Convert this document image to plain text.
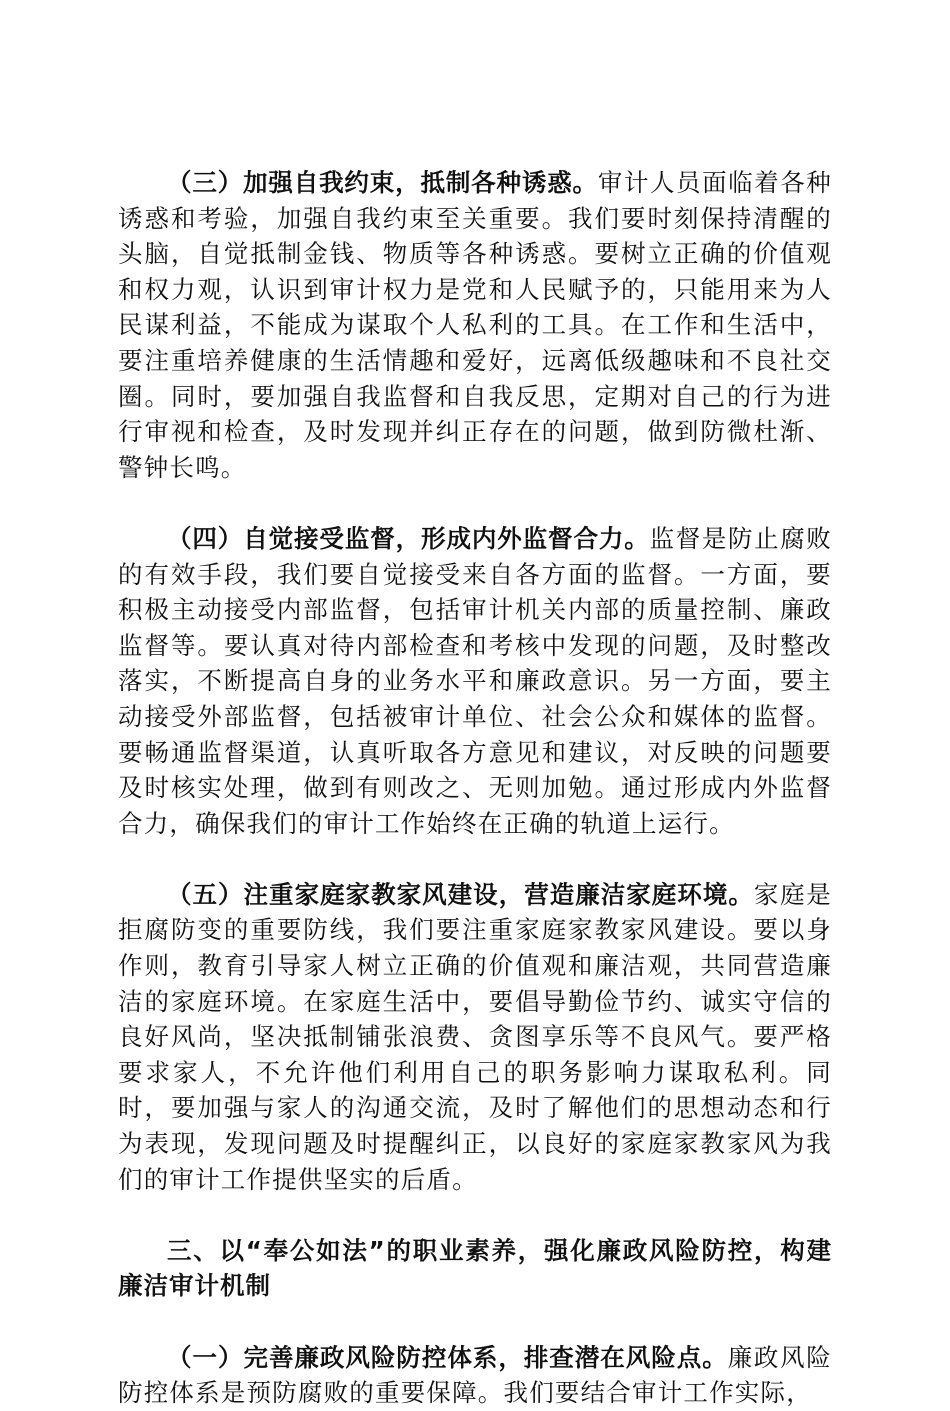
（三）加强自我约束，抵制各种诱惑。审计人员面临着各种诱惑和考验，加强自我约束至关重要。我们要时刻保持清醒的头脑，自觉抵制金钱、物质等各种诱惑。要树立正确的价值观和权力观，认识到审计权力是党和人民赋予的，只能用来为人民谋利益，不能成为谋取个人私利的工具。在工作和生活中，要注重培养健康的生活情趣和爱好，远离低级趣味和不良社交圈。同时，要加强自我监督和自我反思，定期对自己的行为进行审视和检查，及时发现并纠正存在的问题，做到防微杜渐、警钟长鸣。

（四）自觉接受监督，形成内外监督合力。监督是防止腐败的有效手段，我们要自觉接受来自各方面的监督。一方面，要积极主动接受内部监督，包括审计机关内部的质量控制、廉政监督等。要认真对待内部检查和考核中发现的问题，及时整改落实，不断提高自身的业务水平和廉政意识。另一方面，要主动接受外部监督，包括被审计单位、社会公众和媒体的监督。要畅通监督渠道，认真听取各方意见和建议，对反映的问题要及时核实处理，做到有则改之、无则加勉。通过形成内外监督合力，确保我们的审计工作始终在正确的轨道上运行。

（五）注重家庭家教家风建设，营造廉洁家庭环境。家庭是拒腐防变的重要防线，我们要注重家庭家教家风建设。要以身作则，教育引导家人树立正确的价值观和廉洁观，共同营造廉洁的家庭环境。在家庭生活中，要倡导勤俭节约、诚实守信的良好风尚，坚决抵制铺张浪费、贪图享乐等不良风气。要严格要求家人，不允许他们利用自己的职务影响力谋取私利。同时，要加强与家人的沟通交流，及时了解他们的思想动态和行为表现，发现问题及时提醒纠正，以良好的家庭家教家风为我们的审计工作提供坚实的后盾。

三、以“奉公如法”的职业素养，强化廉政风险防控，构建廉洁审计机制

（一）完善廉政风险防控体系，排查潜在风险点。廉政风险防控体系是预防腐败的重要保障。我们要结合审计工作实际，
